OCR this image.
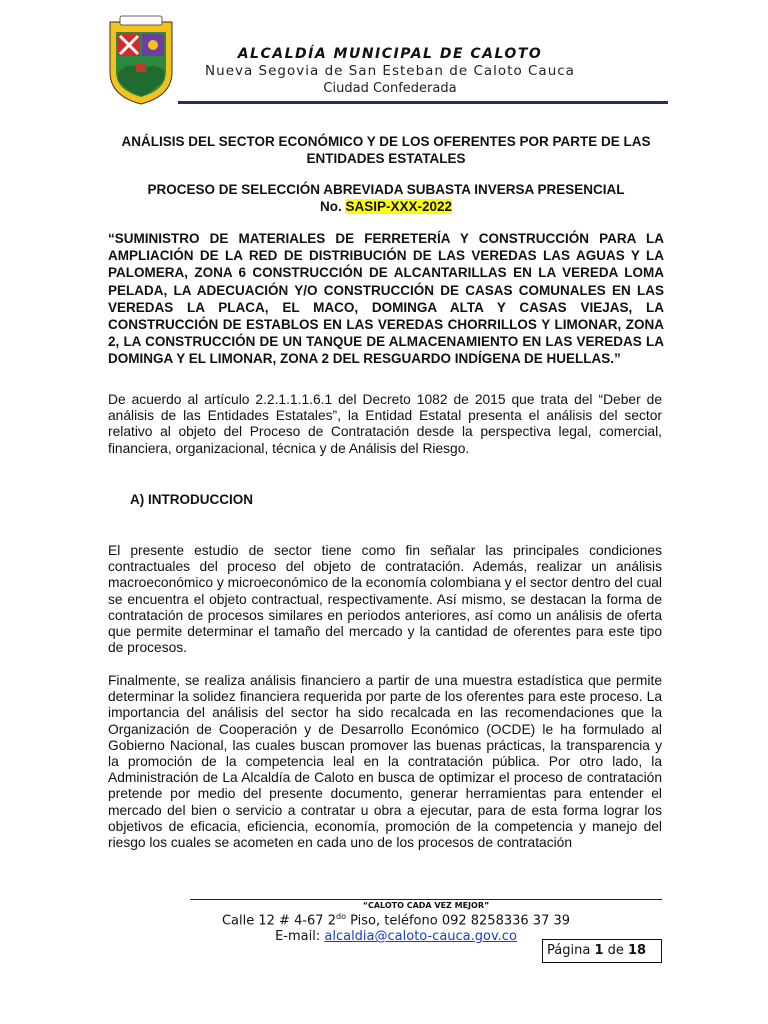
ALCALDÍA MUNICIPAL DE CALOTO
Nueva Segovia de San Esteban de Caloto Cauca
Ciudad Confederada
ANÁLISIS DEL SECTOR ECONÓMICO Y DE LOS OFERENTES POR PARTE DE LAS
ENTIDADES ESTATALES
PROCESO DE SELECCIÓN ABREVIADA SUBASTA INVERSA PRESENCIAL
No. SASIP-XXX-2022
“SUMINISTRO DE MATERIALES DE FERRETERÍA Y CONSTRUCCIÓN PARA LA AMPLIACIÓN DE LA RED DE DISTRIBUCIÓN DE LAS VEREDAS LAS AGUAS Y LA PALOMERA, ZONA 6 CONSTRUCCIÓN DE ALCANTARILLAS EN LA VEREDA LOMA PELADA, LA ADECUACIÓN Y/O CONSTRUCCIÓN DE CASAS COMUNALES EN LAS VEREDAS LA PLACA, EL MACO, DOMINGA ALTA Y CASAS VIEJAS, LA CONSTRUCCIÓN DE ESTABLOS EN LAS VEREDAS CHORRILLOS Y LIMONAR, ZONA 2, LA CONSTRUCCIÓN DE UN TANQUE DE ALMACENAMIENTO EN LAS VEREDAS LA DOMINGA Y EL LIMONAR, ZONA 2 DEL RESGUARDO INDÍGENA DE HUELLAS.”
De acuerdo al artículo 2.2.1.1.1.6.1 del Decreto 1082 de 2015 que trata del “Deber de análisis de las Entidades Estatales”, la Entidad Estatal presenta el análisis del sector relativo al objeto del Proceso de Contratación desde la perspectiva legal, comercial, financiera, organizacional, técnica y de Análisis del Riesgo.
A) INTRODUCCION
El presente estudio de sector tiene como fin señalar las principales condiciones contractuales del proceso del objeto de contratación. Además, realizar un análisis macroeconómico y microeconómico de la economía colombiana y el sector dentro del cual se encuentra el objeto contractual, respectivamente. Así mismo, se destacan la forma de contratación de procesos similares en periodos anteriores, así como un análisis de oferta que permite determinar el tamaño del mercado y la cantidad de oferentes para este tipo de procesos.
Finalmente, se realiza análisis financiero a partir de una muestra estadística que permite determinar la solidez financiera requerida por parte de los oferentes para este proceso. La importancia del análisis del sector ha sido recalcada en las recomendaciones que la Organización de Cooperación y de Desarrollo Económico (OCDE) le ha formulado al Gobierno Nacional, las cuales buscan promover las buenas prácticas, la transparencia y la promoción de la competencia leal en la contratación pública. Por otro lado, la Administración de La Alcaldía de Caloto en busca de optimizar el proceso de contratación pretende por medio del presente documento, generar herramientas para entender el mercado del bien o servicio a contratar u obra a ejecutar, para de esta forma lograr los objetivos de eficacia, eficiencia, economía, promoción de la competencia y manejo del riesgo los cuales se acometen en cada uno de los procesos de contratación
“CALOTO CADA VEZ MEJOR”
Calle 12 # 4-67 $2^{do}$ Piso, teléfono 092 8258336 37 39
E-mail: alcaldia@caloto-cauca.gov.co
Página 1 de 18
